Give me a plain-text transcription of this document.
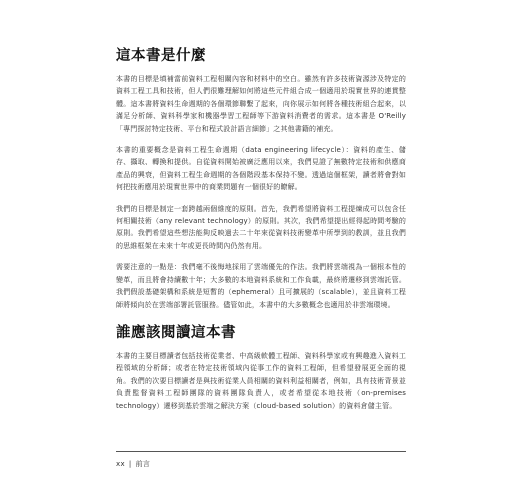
這本書是什麼

本書的目標是填補當前資料工程相關內容和材料中的空白。雖然有許多技術資源涉及特定的資料工程工具和技術，但人們很難理解如何將這些元件組合成一個適用於現實世界的連貫整體。這本書將資料生命週期的各個環節聯繫了起來，向你展示如何將各種技術組合起來，以滿足分析師、資料科學家和機器學習工程師等下游資料消費者的需求。這本書是 O'Reilly「專門探討特定技術、平台和程式設計語言細節」之其他書籍的補充。

本書的重要概念是資料工程生命週期（data engineering lifecycle）：資料的產生、儲存、攝取、轉換和提供。自從資料開始被廣泛應用以來，我們見證了無數特定技術和供應商產品的興衰，但資料工程生命週期的各個階段基本保持不變。透過這個框架，讀者將會對如何把技術應用於現實世界中的商業問題有一個很好的瞭解。

我們的目標是制定一套跨越兩個維度的原則。首先，我們希望將資料工程提煉成可以包含任何相關技術（any relevant technology）的原則。其次，我們希望提出經得起時間考驗的原則。我們希望這些想法能夠反映過去二十年來從資料技術變革中所學到的教訓，並且我們的思維框架在未來十年或更長時間內仍然有用。

需要注意的一點是：我們毫不後悔地採用了雲端優先的作法。我們將雲端視為一個根本性的變革，而且將會持續數十年；大多數的本地資料系統和工作負載，最終將遷移到雲端託管。我們假設基礎架構和系統是短暫的（ephemeral）且可擴展的（scalable），並且資料工程師將傾向於在雲端部署託管服務。儘管如此，本書中的大多數概念也適用於非雲端環境。

誰應該閱讀這本書

本書的主要目標讀者包括技術從業者、中高級軟體工程師、資料科學家或有興趣進入資料工程領域的分析師；或者在特定技術領域內從事工作的資料工程師，但希望發展更全面的視角。我們的次要目標讀者是與技術從業人員相關的資料利益相關者，例如，具有技術背景並負責監督資料工程師團隊的資料團隊負責人，或者希望從本地技術（on-premises technology）遷移到基於雲端之解決方案（cloud-based solution）的資料倉儲主管。

xx | 前言
